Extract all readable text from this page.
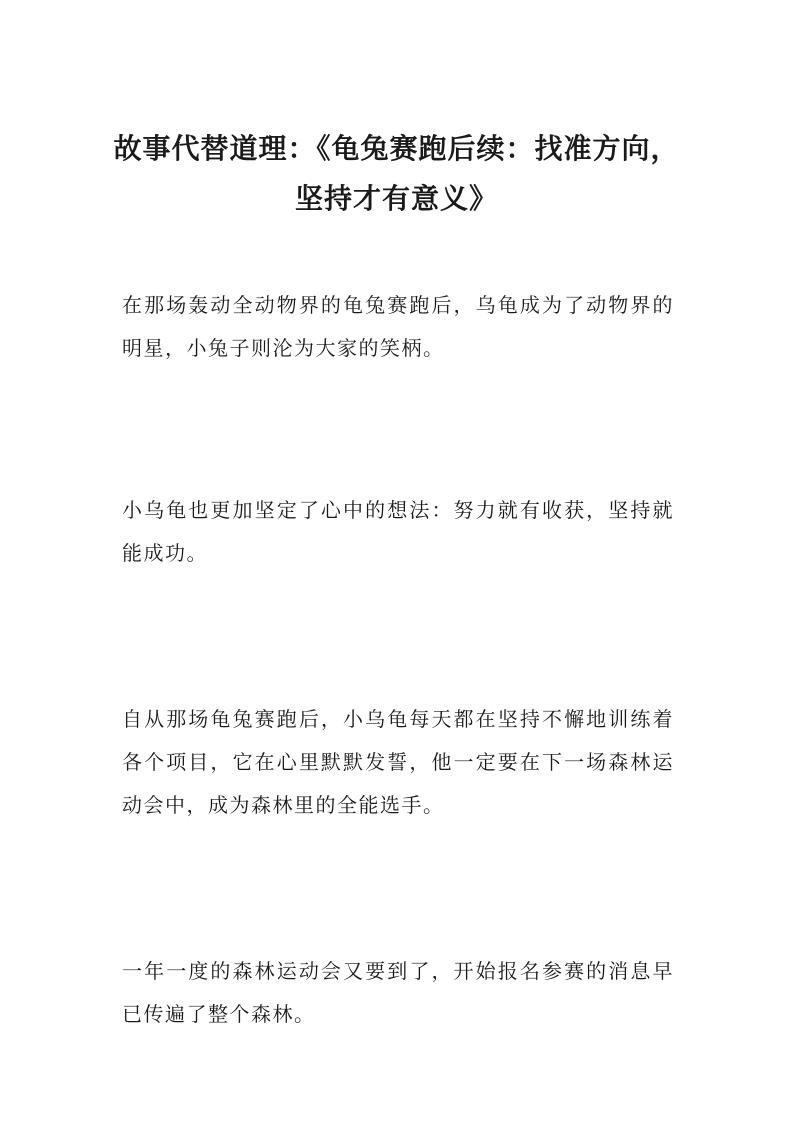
故事代替道理：《龟兔赛跑后续：找准方向，坚持才有意义》

在那场轰动全动物界的龟兔赛跑后，乌龟成为了动物界的明星，小兔子则沦为大家的笑柄。

小乌龟也更加坚定了心中的想法：努力就有收获，坚持就能成功。

自从那场龟兔赛跑后，小乌龟每天都在坚持不懈地训练着各个项目，它在心里默默发誓，他一定要在下一场森林运动会中，成为森林里的全能选手。

一年一度的森林运动会又要到了，开始报名参赛的消息早已传遍了整个森林。
